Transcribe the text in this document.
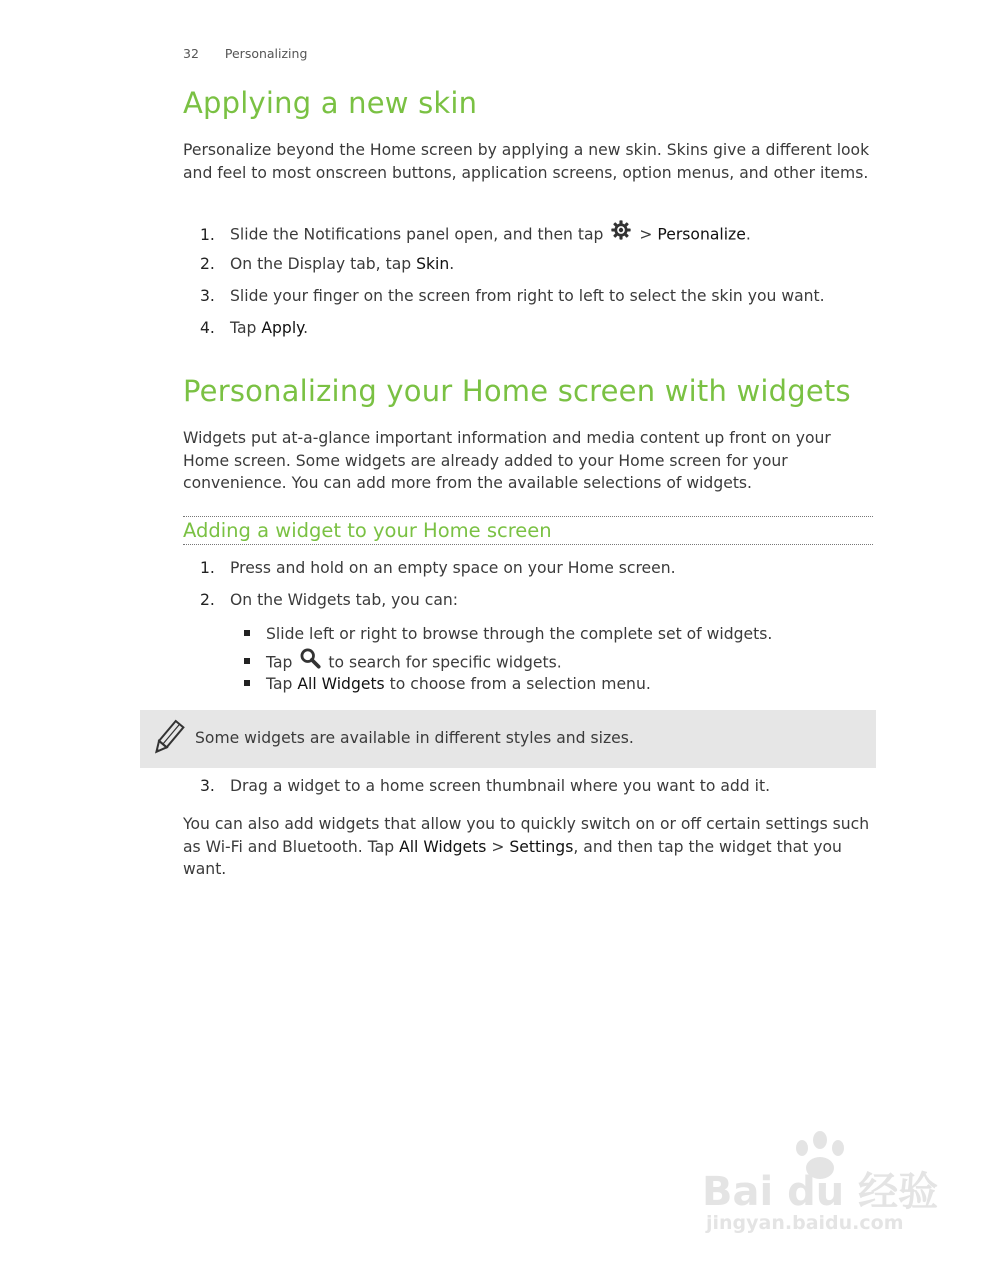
32 Personalizing
Applying a new skin

Personalize beyond the Home screen by applying a new skin. Skins give a different look and feel to most onscreen buttons, application screens, option menus, and other items.

1. Slide the Notifications panel open, and then tap  > Personalize.
2. On the Display tab, tap Skin.
3. Slide your finger on the screen from right to left to select the skin you want.
4. Tap Apply.
Personalizing your Home screen with widgets

Widgets put at-a-glance important information and media content up front on your Home screen. Some widgets are already added to your Home screen for your convenience. You can add more from the available selections of widgets.

Adding a widget to your Home screen
1. Press and hold on an empty space on your Home screen.
2. On the Widgets tab, you can:
Slide left or right to browse through the complete set of widgets.
Tap to search for specific widgets.
Tap All Widgets to choose from a selection menu.
Some widgets are available in different styles and sizes.
3. Drag a widget to a home screen thumbnail where you want to add it.

You can also add widgets that allow you to quickly switch on or off certain settings such as Wi-Fi and Bluetooth. Tap All Widgets > Settings, and then tap the widget that you want.

Bai du 经验
jingyan.baidu.com
